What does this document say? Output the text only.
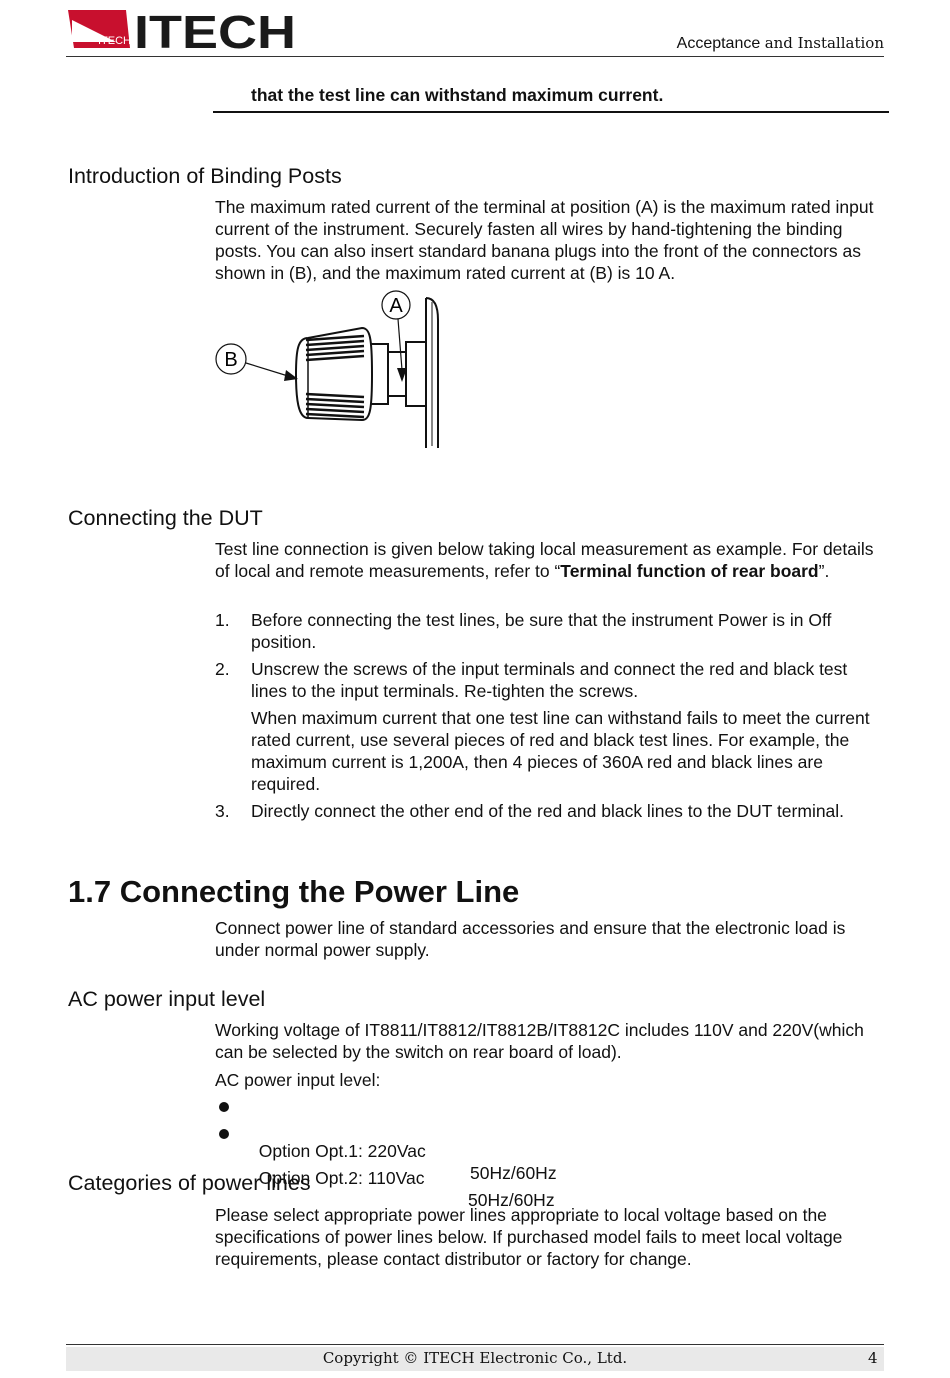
ITECH ITECH	Acceptance and Installation
that the test line can withstand maximum current.
Introduction of Binding Posts

The maximum rated current of the terminal at position (A) is the maximum rated input current of the instrument. Securely fasten all wires by hand-tightening the binding posts. You can also insert standard banana plugs into the front of the connectors as shown in (B), and the maximum rated current at (B) is 10 A.

A
B
Connecting the DUT

Test line connection is given below taking local measurement as example. For details of local and remote measurements, refer to “Terminal function of rear board”.

1.	Before connecting the test lines, be sure that the instrument Power is in Off position.
2.	Unscrew the screws of the input terminals and connect the red and black test lines to the input terminals. Re-tighten the screws.

When maximum current that one test line can withstand fails to meet the current rated current, use several pieces of red and black test lines. For example, the maximum current is 1,200A, then 4 pieces of 360A red and black lines are required.

3.	Directly connect the other end of the red and black lines to the DUT terminal.
1.7 Connecting the Power Line

Connect power line of standard accessories and ensure that the electronic load is under normal power supply.

AC power input level

Working voltage of IT8811/IT8812/IT8812B/IT8812C includes 110V and 220V(which can be selected by the switch on rear board of load).

AC power input level:

Option Opt.1: 220Vac

50Hz/60Hz

Option Opt.2: 110Vac

50Hz/60Hz

Categories of power lines

Please select appropriate power lines appropriate to local voltage based on the specifications of power lines below. If purchased model fails to meet local voltage requirements, please contact distributor or factory for change.

Copyright © ITECH Electronic Co., Ltd.	4
